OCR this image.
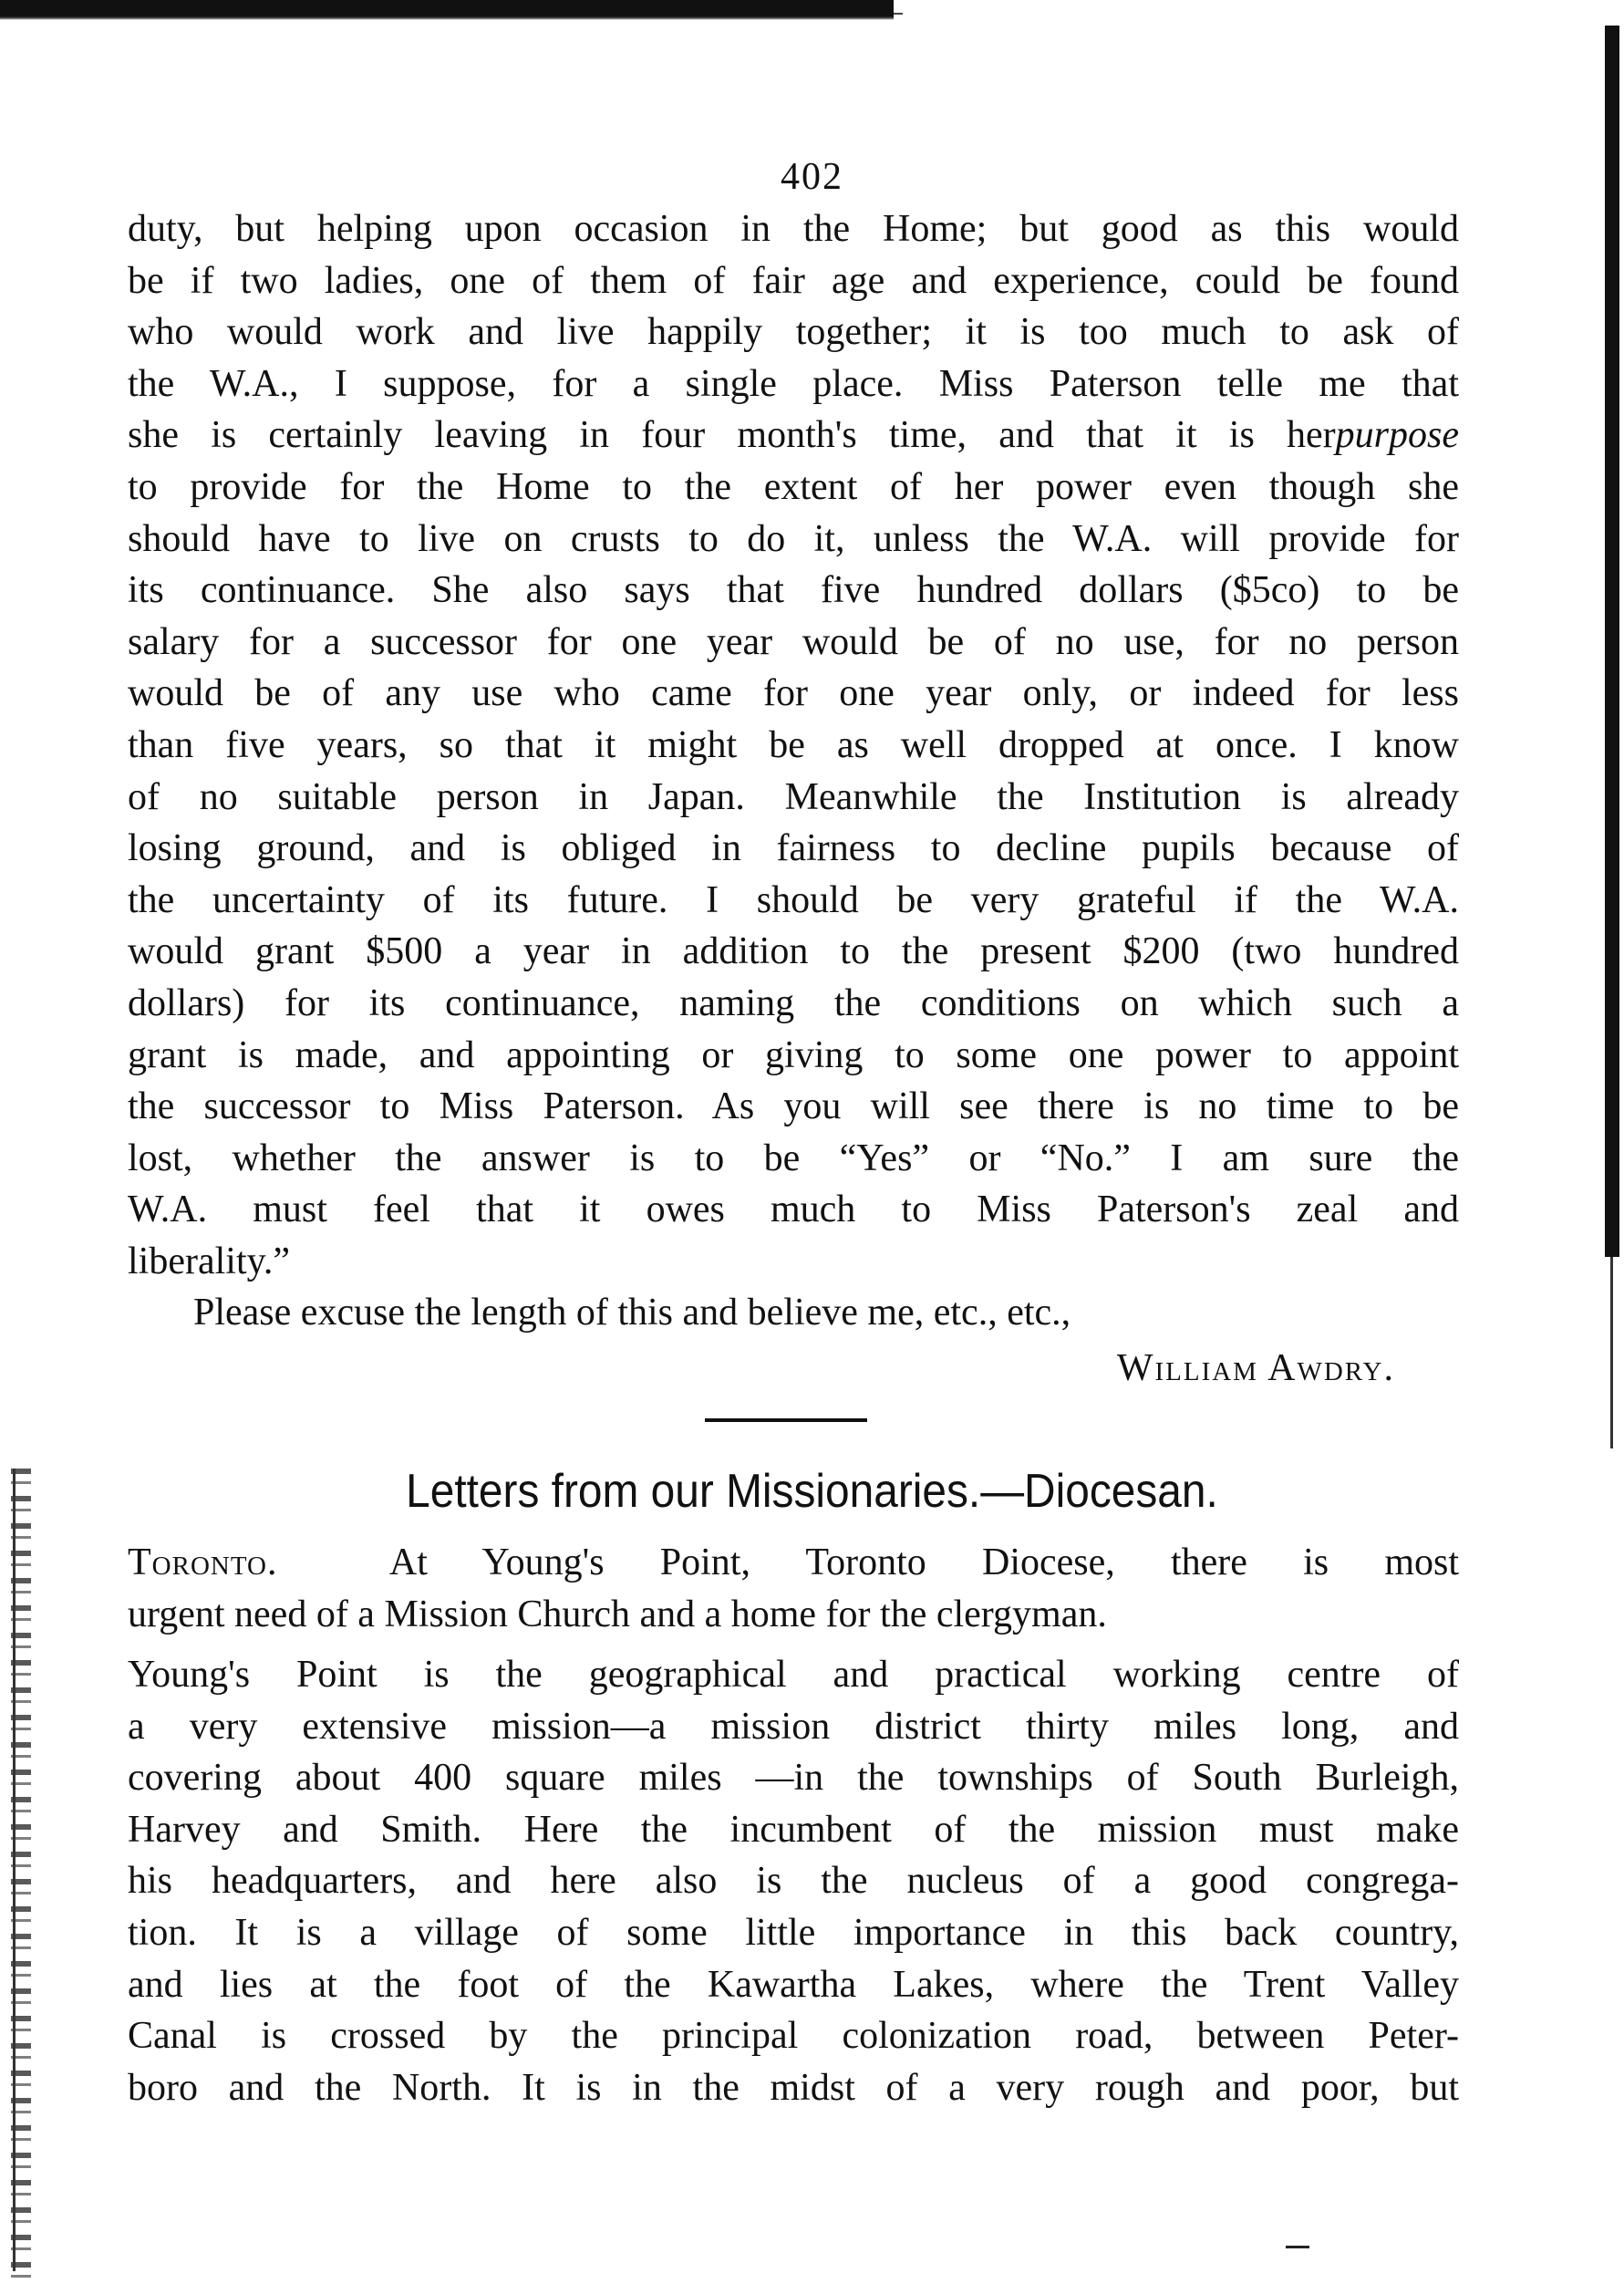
402
duty, but helping upon occasion in the Home; but good as this would
be if two ladies, one of them of fair age and experience, could be found
who would work and live happily together; it is too much to ask of
the W.A., I suppose, for a single place. Miss Paterson telle me that
she is certainly leaving in four month's time, and that it is herpurpose
to provide for the Home to the extent of her power even though she
should have to live on crusts to do it, unless the W.A. will provide for
its continuance. She also says that five hundred dollars ($5co) to be
salary for a successor for one year would be of no use, for no person
would be of any use who came for one year only, or indeed for less
than five years, so that it might be as well dropped at once. I know
of no suitable person in Japan. Meanwhile the Institution is already
losing ground, and is obliged in fairness to decline pupils because of
the uncertainty of its future. I should be very grateful if the W.A.
would grant $500 a year in addition to the present $200 (two hundred
dollars) for its continuance, naming the conditions on which such a
grant is made, and appointing or giving to some one power to appoint
the successor to Miss Paterson. As you will see there is no time to be
lost, whether the answer is to be “Yes” or “No.” I am sure the
W.A. must feel that it owes much to Miss Paterson's zeal and
liberality.”
Please excuse the length of this and believe me, etc., etc.,
William Awdry.
Letters from our Missionaries.—Diocesan.
Toronto.	At Young's Point, Toronto Diocese, there is most
urgent need of a Mission Church and a home for the clergyman.
Young's Point is the geographical and practical working centre of
a very extensive mission—a mission district thirty miles long, and
covering about 400 square miles —in the townships of South Burleigh,
Harvey and Smith. Here the incumbent of the mission must make
his headquarters, and here also is the nucleus of a good congrega-
tion. It is a village of some little importance in this back country,
and lies at the foot of the Kawartha Lakes, where the Trent Valley
Canal is crossed by the principal colonization road, between Peter-
boro and the North. It is in the midst of a very rough and poor, but
